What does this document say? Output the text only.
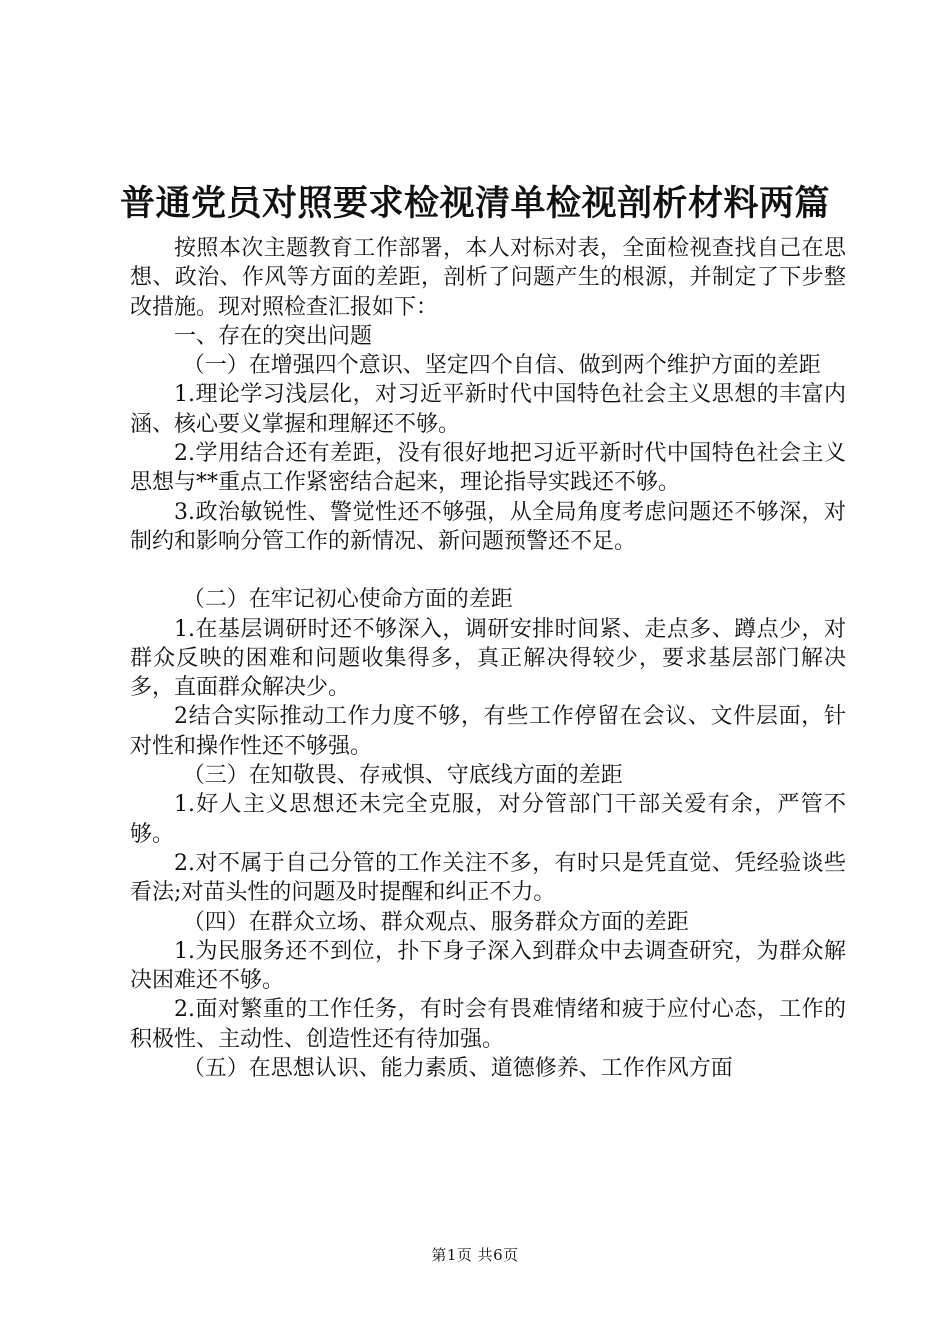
普通党员对照要求检视清单检视剖析材料两篇

按照本次主题教育工作部署，本人对标对表，全面检视查找自己在思想、政治、作风等方面的差距，剖析了问题产生的根源，并制定了下步整改措施。现对照检查汇报如下：

一、存在的突出问题

（一）在增强四个意识、坚定四个自信、做到两个维护方面的差距

1.理论学习浅层化，对习近平新时代中国特色社会主义思想的丰富内涵、核心要义掌握和理解还不够。

2.学用结合还有差距，没有很好地把习近平新时代中国特色社会主义思想与**重点工作紧密结合起来，理论指导实践还不够。

3.政治敏锐性、警觉性还不够强，从全局角度考虑问题还不够深，对制约和影响分管工作的新情况、新问题预警还不足。

（二）在牢记初心使命方面的差距

1.在基层调研时还不够深入，调研安排时间紧、走点多、蹲点少，对群众反映的困难和问题收集得多，真正解决得较少，要求基层部门解决多，直面群众解决少。

2结合实际推动工作力度不够，有些工作停留在会议、文件层面，针对性和操作性还不够强。

（三）在知敬畏、存戒惧、守底线方面的差距

1.好人主义思想还未完全克服，对分管部门干部关爱有余，严管不够。

2.对不属于自己分管的工作关注不多，有时只是凭直觉、凭经验谈些看法;对苗头性的问题及时提醒和纠正不力。

（四）在群众立场、群众观点、服务群众方面的差距

1.为民服务还不到位，扑下身子深入到群众中去调查研究，为群众解决困难还不够。

2.面对繁重的工作任务，有时会有畏难情绪和疲于应付心态，工作的积极性、主动性、创造性还有待加强。

（五）在思想认识、能力素质、道德修养、工作作风方面

第1页 共6页
